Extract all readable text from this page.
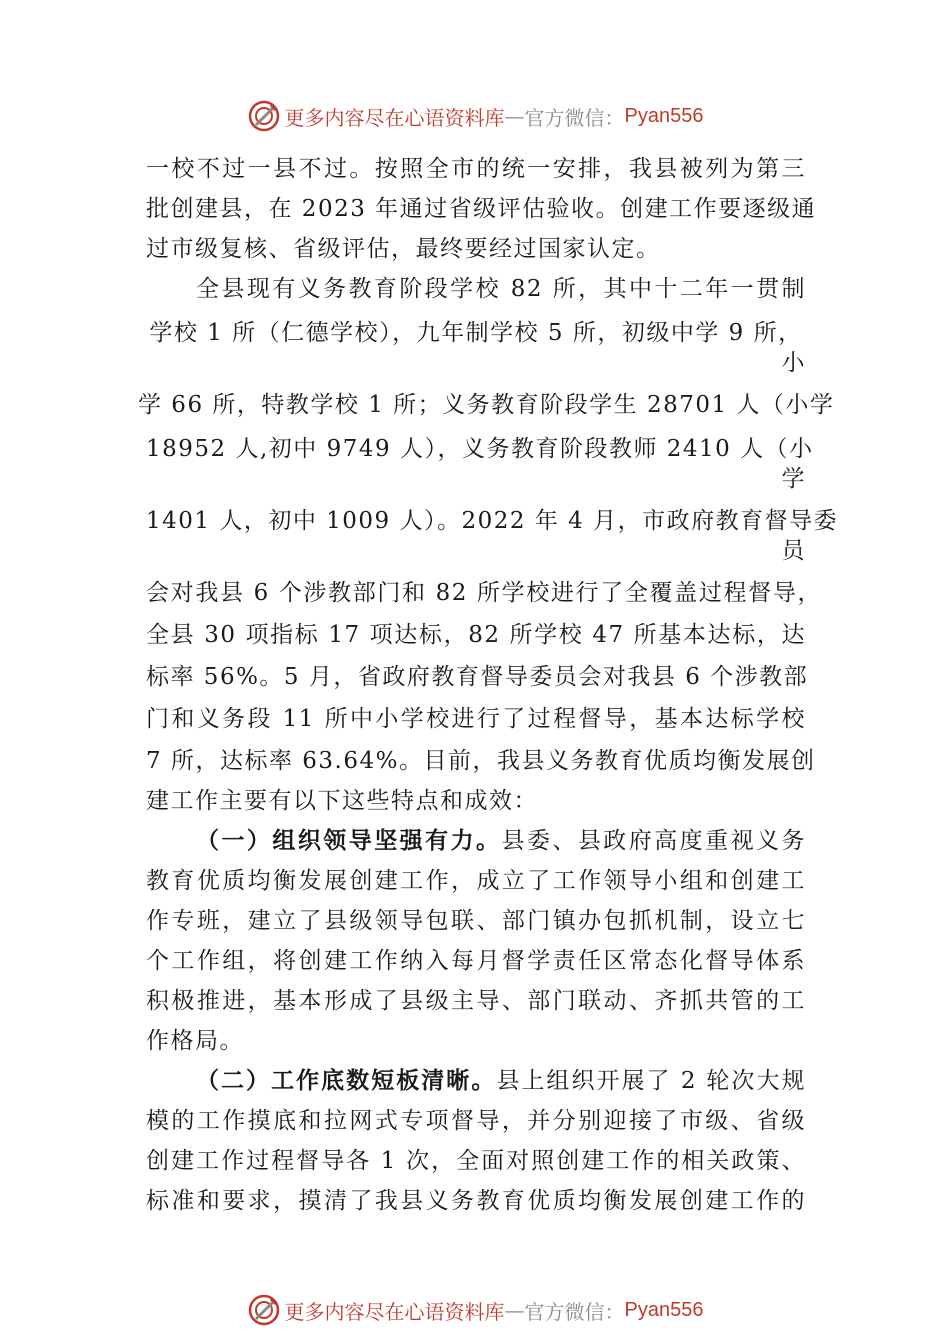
更多内容尽在心语资料库 — 官方微信： Pyan556
一校不过一县不过。按照全市的统一安排，我县被列为第三
批创建县，在 2023 年通过省级评估验收。创建工作要逐级通
过市级复核、省级评估，最终要经过国家认定。
全县现有义务教育阶段学校 82 所，其中十二年一贯制
学校 1 所（仁德学校），九年制学校 5 所，初级中学 9 所，
小
学 66 所，特教学校 1 所；义务教育阶段学生 28701 人（小学
18952 人,初中 9749 人），义务教育阶段教师 2410 人（小
学
1401 人，初中 1009 人）。2022 年 4 月，市政府教育督导委
员
会对我县 6 个涉教部门和 82 所学校进行了全覆盖过程督导，
全县 30 项指标 17 项达标，82 所学校 47 所基本达标，达
标率 56%。5 月，省政府教育督导委员会对我县 6 个涉教部
门和义务段 11 所中小学校进行了过程督导，基本达标学校
7 所，达标率 63.64%。目前，我县义务教育优质均衡发展创
建工作主要有以下这些特点和成效：
（一）组织领导坚强有力。县委、县政府高度重视义务
教育优质均衡发展创建工作，成立了工作领导小组和创建工
作专班，建立了县级领导包联、部门镇办包抓机制，设立七
个工作组，将创建工作纳入每月督学责任区常态化督导体系
积极推进，基本形成了县级主导、部门联动、齐抓共管的工
作格局。
（二）工作底数短板清晰。县上组织开展了 2 轮次大规
模的工作摸底和拉网式专项督导，并分别迎接了市级、省级
创建工作过程督导各 1 次，全面对照创建工作的相关政策、
标准和要求，摸清了我县义务教育优质均衡发展创建工作的
更多内容尽在心语资料库 — 官方微信： Pyan556
